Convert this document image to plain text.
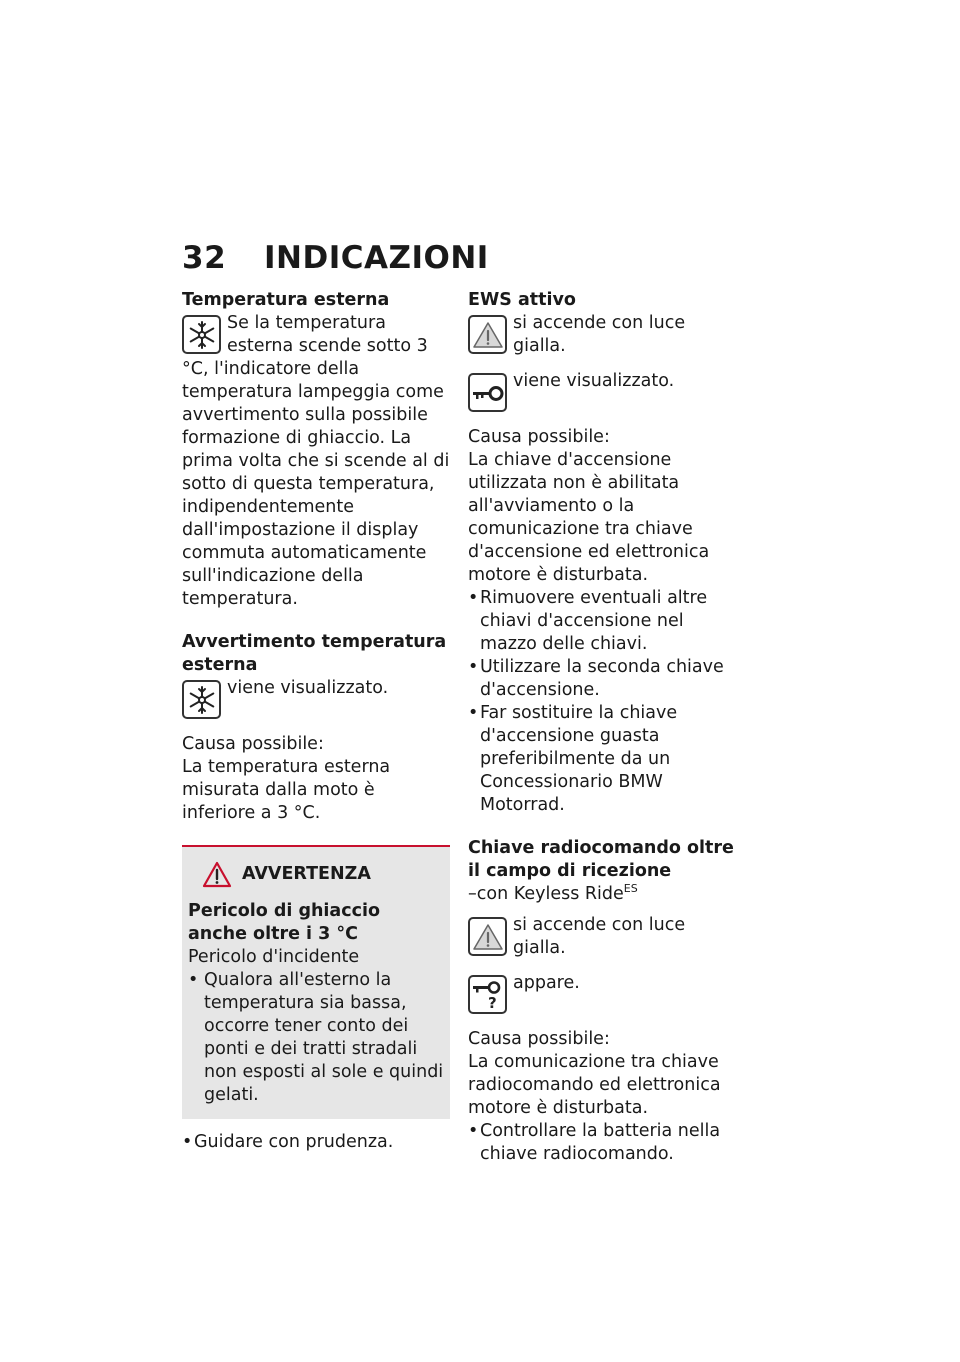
32 INDICAZIONI
Temperatura esterna

Se la temperatura esterna scende sotto 3 °C, l'indicatore della temperatura lampeggia come avvertimento sulla possibile formazione di ghiaccio. La prima volta che si scende al di sotto di questa temperatura, indipendentemente dall'impostazione il display commuta automaticamente sull'indicazione della temperatura.

Avvertimento temperatura esterna

viene visualizzato.

Causa possibile:

La temperatura esterna misurata dalla moto è inferiore a 3 °C.

AVVERTENZA
Pericolo di ghiaccio anche oltre i 3 °C

Pericolo d'incidente

• Qualora all'esterno la temperatura sia bassa, occorre tener conto dei ponti e dei tratti stradali non esposti al sole e quindi gelati.
• Guidare con prudenza.
EWS attivo

si accende con luce gialla.

viene visualizzato.

Causa possibile:

La chiave d'accensione utilizzata non è abilitata all'avviamento o la comunicazione tra chiave d'accensione ed elettronica motore è disturbata.

• Rimuovere eventuali altre chiavi d'accensione nel mazzo delle chiavi.
• Utilizzare la seconda chiave d'accensione.
• Far sostituire la chiave d'accensione guasta preferibilmente da un Concessionario BMW Motorrad.
Chiave radiocomando oltre il campo di ricezione

–con Keyless Ride$^{ES}$

si accende con luce gialla.

?

appare.

Causa possibile:

La comunicazione tra chiave radiocomando ed elettronica motore è disturbata.

• Controllare la batteria nella chiave radiocomando.
